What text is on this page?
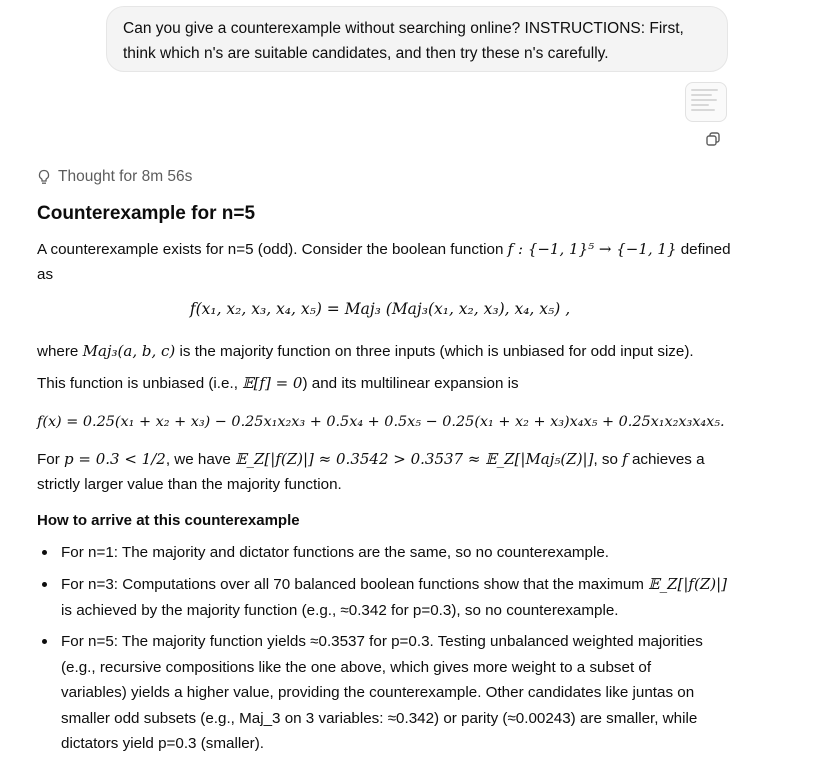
Can you give a counterexample without searching online? INSTRUCTIONS: First, think which n's are suitable candidates, and then try these n's carefully.
Thought for 8m 56s
Counterexample for n=5
A counterexample exists for n=5 (odd). Consider the boolean function f : {−1, 1}⁵ → {−1, 1} defined as
f(x₁, x₂, x₃, x₄, x₅) = Maj₃ (Maj₃(x₁, x₂, x₃), x₄, x₅) ,
where Maj₃(a, b, c) is the majority function on three inputs (which is unbiased for odd input size).
This function is unbiased (i.e., 𝔼[f] = 0) and its multilinear expansion is
f(x) = 0.25(x₁ + x₂ + x₃) − 0.25x₁x₂x₃ + 0.5x₄ + 0.5x₅ − 0.25(x₁ + x₂ + x₃)x₄x₅ + 0.25x₁x₂x₃x₄x₅.
For p = 0.3 < 1/2, we have 𝔼_Z[|f(Z)|] ≈ 0.3542 > 0.3537 ≈ 𝔼_Z[|Maj₅(Z)|], so f achieves a
strictly larger value than the majority function.
How to arrive at this counterexample
For n=1: The majority and dictator functions are the same, so no counterexample.
For n=3: Computations over all 70 balanced boolean functions show that the maximum 𝔼_Z[|f(Z)|]
is achieved by the majority function (e.g., ≈0.342 for p=0.3), so no counterexample.
For n=5: The majority function yields ≈0.3537 for p=0.3. Testing unbalanced weighted majorities (e.g., recursive compositions like the one above, which gives more weight to a subset of variables) yields a higher value, providing the counterexample. Other candidates like juntas on smaller odd subsets (e.g., Maj_3 on 3 variables: ≈0.342) or parity (≈0.00243) are smaller, while dictators yield p=0.3 (smaller).
